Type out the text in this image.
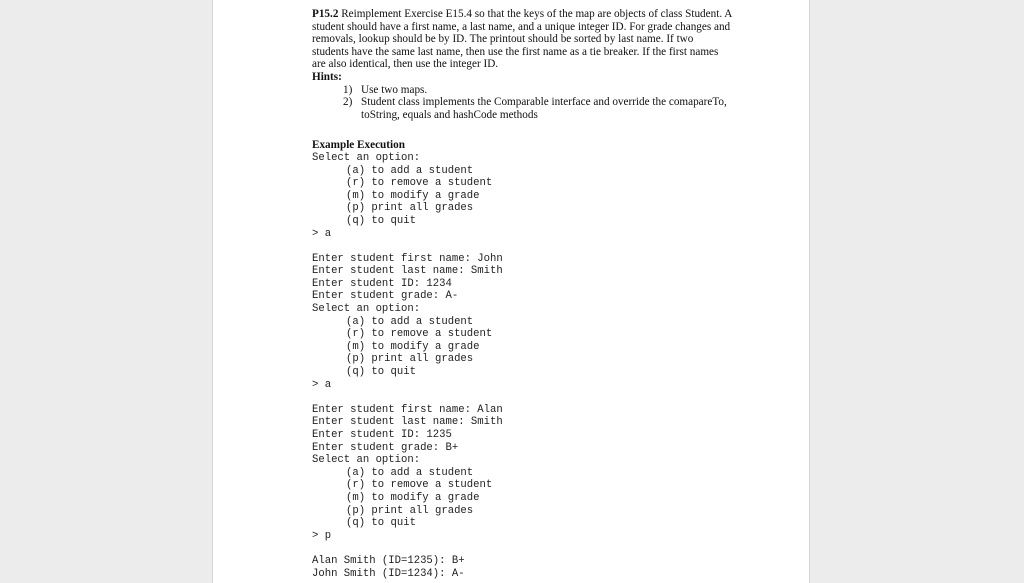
P15.2 Reimplement Exercise E15.4 so that the keys of the map are objects of class Student. A student should have a first name, a last name, and a unique integer ID. For grade changes and removals, lookup should be by ID. The printout should be sorted by last name. If two students have the same last name, then use the first name as a tie breaker. If the first names are also identical, then use the integer ID.

Hints:

1) Use two maps.
2) Student class implements the Comparable interface and override the comapareTo, toString, equals and hashCode methods

Example Execution

Select an option:
(a) to add a student
(r) to remove a student
(m) to modify a grade
(p) print all grades
(q) to quit
> a
Enter student first name: John
Enter student last name: Smith
Enter student ID: 1234
Enter student grade: A-
Select an option:
(a) to add a student
(r) to remove a student
(m) to modify a grade
(p) print all grades
(q) to quit
> a
Enter student first name: Alan
Enter student last name: Smith
Enter student ID: 1235
Enter student grade: B+
Select an option:
(a) to add a student
(r) to remove a student
(m) to modify a grade
(p) print all grades
(q) to quit
> p
Alan Smith (ID=1235): B+
John Smith (ID=1234): A-
